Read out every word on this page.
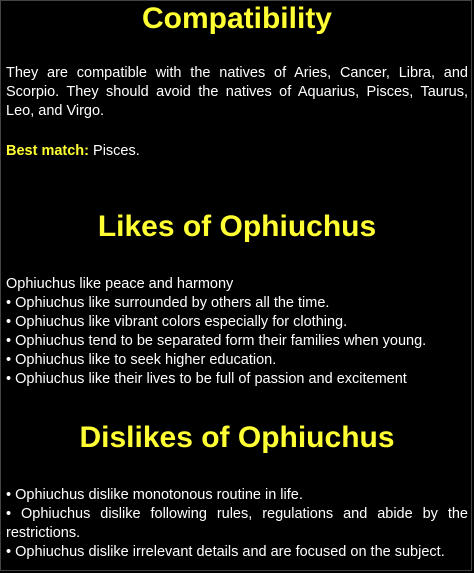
Compatibility

They are compatible with the natives of Aries, Cancer, Libra, and Scorpio. They should avoid the natives of Aquarius, Pisces, Taurus, Leo, and Virgo.

Best match: Pisces.

Likes of Ophiuchus

Ophiuchus like peace and harmony

• Ophiuchus like surrounded by others all the time.
• Ophiuchus like vibrant colors especially for clothing.
• Ophiuchus tend to be separated form their families when young.
• Ophiuchus like to seek higher education.
• Ophiuchus like their lives to be full of passion and excitement
Dislikes of Ophiuchus
• Ophiuchus dislike monotonous routine in life.
• Ophiuchus dislike following rules, regulations and abide by the restrictions.
• Ophiuchus dislike irrelevant details and are focused on the subject.
